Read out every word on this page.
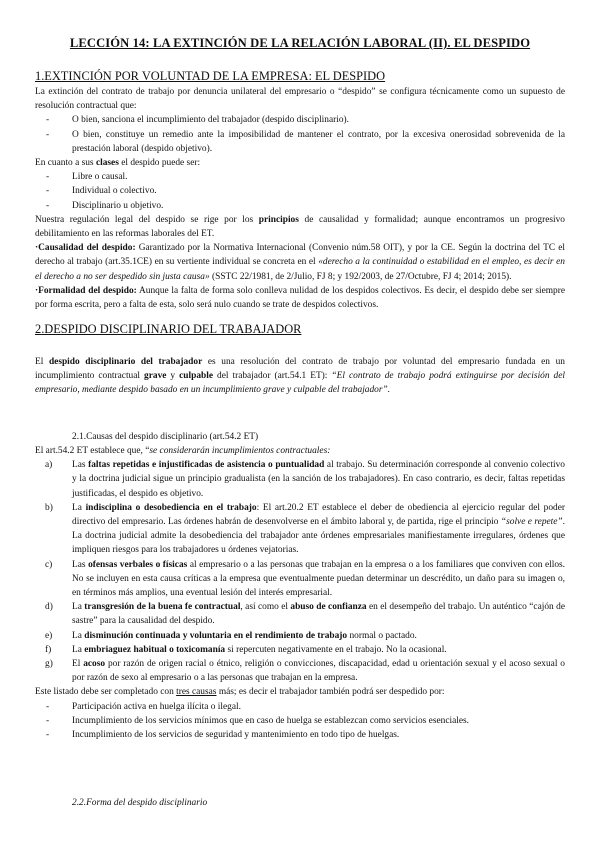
LECCIÓN 14: LA EXTINCIÓN DE LA RELACIÓN LABORAL (II). EL DESPIDO
1.EXTINCIÓN POR VOLUNTAD DE LA EMPRESA: EL DESPIDO

La extinción del contrato de trabajo por denuncia unilateral del empresario o “despido” se configura técnicamente como un supuesto de resolución contractual que:

- O bien, sanciona el incumplimiento del trabajador (despido disciplinario).
- O bien, constituye un remedio ante la imposibilidad de mantener el contrato, por la excesiva onerosidad sobrevenida de la prestación laboral (despido objetivo).

En cuanto a sus clases el despido puede ser:

- Libre o causal.
- Individual o colectivo.
- Disciplinario u objetivo.

Nuestra regulación legal del despido se rige por los principios de causalidad y formalidad; aunque encontramos un progresivo debilitamiento en las reformas laborales del ET.

·Causalidad del despido: Garantizado por la Normativa Internacional (Convenio núm.58 OIT), y por la CE. Según la doctrina del TC el derecho al trabajo (art.35.1CE) en su vertiente individual se concreta en el «derecho a la continuidad o estabilidad en el empleo, es decir en el derecho a no ser despedido sin justa causa» (SSTC 22/1981, de 2/Julio, FJ 8; y 192/2003, de 27/Octubre, FJ 4; 2014; 2015).

·Formalidad del despido: Aunque la falta de forma solo conlleva nulidad de los despidos colectivos. Es decir, el despido debe ser siempre por forma escrita, pero a falta de esta, solo será nulo cuando se trate de despidos colectivos.

2.DESPIDO DISCIPLINARIO DEL TRABAJADOR

El despido disciplinario del trabajador es una resolución del contrato de trabajo por voluntad del empresario fundada en un incumplimiento contractual grave y culpable del trabajador (art.54.1 ET): “El contrato de trabajo podrá extinguirse por decisión del empresario, mediante despido basado en un incumplimiento grave y culpable del trabajador”.

2.1.Causas del despido disciplinario (art.54.2 ET)

El art.54.2 ET establece que, “se considerarán incumplimientos contractuales:

a) Las faltas repetidas e injustificadas de asistencia o puntualidad al trabajo. Su determinación corresponde al convenio colectivo y la doctrina judicial sigue un principio gradualista (en la sanción de los trabajadores). En caso contrario, es decir, faltas repetidas justificadas, el despido es objetivo.
b) La indisciplina o desobediencia en el trabajo: El art.20.2 ET establece el deber de obediencia al ejercicio regular del poder directivo del empresario. Las órdenes habrán de desenvolverse en el ámbito laboral y, de partida, rige el principio “solve e repete”. La doctrina judicial admite la desobediencia del trabajador ante órdenes empresariales manifiestamente irregulares, órdenes que impliquen riesgos para los trabajadores u órdenes vejatorias.
c) Las ofensas verbales o físicas al empresario o a las personas que trabajan en la empresa o a los familiares que conviven con ellos. No se incluyen en esta causa críticas a la empresa que eventualmente puedan determinar un descrédito, un daño para su imagen o, en términos más amplios, una eventual lesión del interés empresarial.
d) La transgresión de la buena fe contractual, así como el abuso de confianza en el desempeño del trabajo. Un auténtico “cajón de sastre” para la causalidad del despido.
e) La disminución continuada y voluntaria en el rendimiento de trabajo normal o pactado.
f) La embriaguez habitual o toxicomanía si repercuten negativamente en el trabajo. No la ocasional.
g) El acoso por razón de origen racial o étnico, religión o convicciones, discapacidad, edad u orientación sexual y el acoso sexual o por razón de sexo al empresario o a las personas que trabajan en la empresa.

Este listado debe ser completado con tres causas más; es decir el trabajador también podrá ser despedido por:

- Participación activa en huelga ilícita o ilegal.
- Incumplimiento de los servicios mínimos que en caso de huelga se establezcan como servicios esenciales.
- Incumplimiento de los servicios de seguridad y mantenimiento en todo tipo de huelgas.
2.2.Forma del despido disciplinario
